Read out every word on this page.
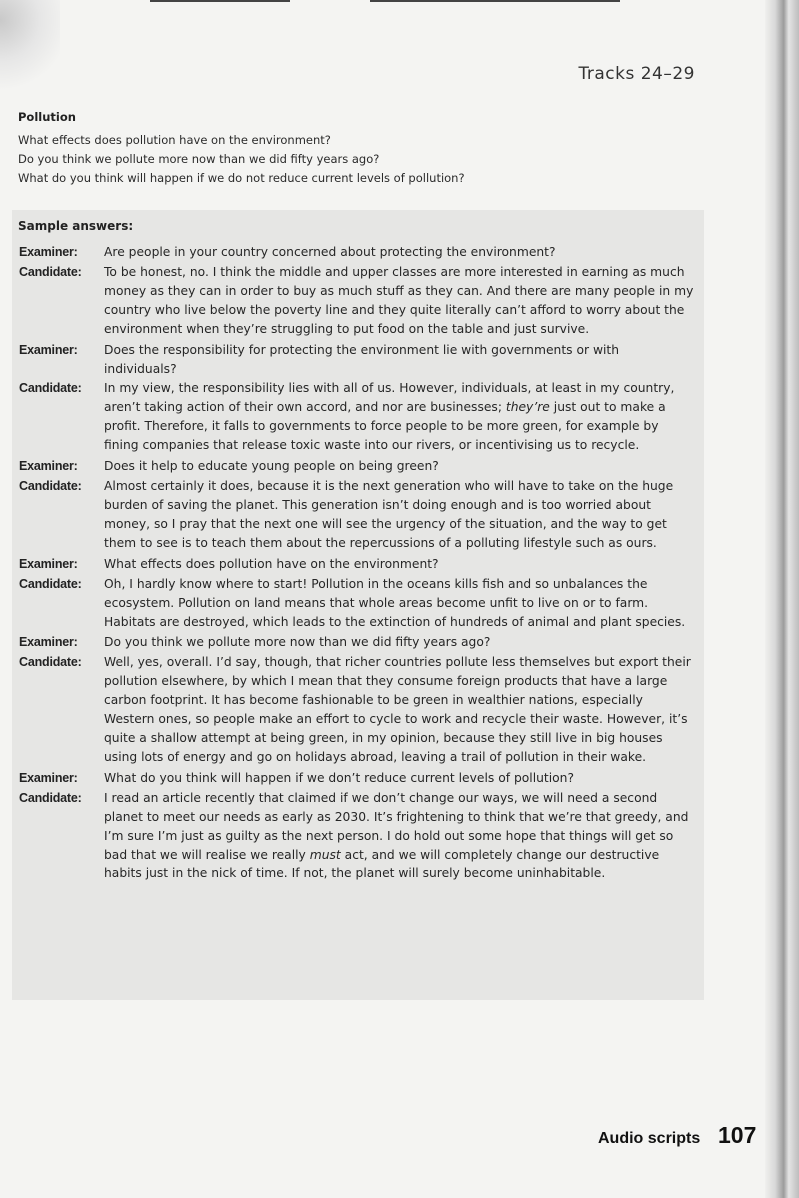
Tracks 24–29
Pollution
What effects does pollution have on the environment?
Do you think we pollute more now than we did fifty years ago?
What do you think will happen if we do not reduce current levels of pollution?
Sample answers:
Examiner:	Are people in your country concerned about protecting the environment?
Candidate:	To be honest, no. I think the middle and upper classes are more interested in earning as much money as they can in order to buy as much stuff as they can. And there are many people in my country who live below the poverty line and they quite literally can’t afford to worry about the environment when they’re struggling to put food on the table and just survive.
Examiner:	Does the responsibility for protecting the environment lie with governments or with individuals?
Candidate:	In my view, the responsibility lies with all of us. However, individuals, at least in my country, aren’t taking action of their own accord, and nor are businesses; they’re just out to make a profit. Therefore, it falls to governments to force people to be more green, for example by fining companies that release toxic waste into our rivers, or incentivising us to recycle.
Examiner:	Does it help to educate young people on being green?
Candidate:	Almost certainly it does, because it is the next generation who will have to take on the huge burden of saving the planet. This generation isn’t doing enough and is too worried about money, so I pray that the next one will see the urgency of the situation, and the way to get them to see is to teach them about the repercussions of a polluting lifestyle such as ours.
Examiner:	What effects does pollution have on the environment?
Candidate:	Oh, I hardly know where to start! Pollution in the oceans kills fish and so unbalances the ecosystem. Pollution on land means that whole areas become unfit to live on or to farm. Habitats are destroyed, which leads to the extinction of hundreds of animal and plant species.
Examiner:	Do you think we pollute more now than we did fifty years ago?
Candidate:	Well, yes, overall. I’d say, though, that richer countries pollute less themselves but export their pollution elsewhere, by which I mean that they consume foreign products that have a large carbon footprint. It has become fashionable to be green in wealthier nations, especially Western ones, so people make an effort to cycle to work and recycle their waste. However, it’s quite a shallow attempt at being green, in my opinion, because they still live in big houses using lots of energy and go on holidays abroad, leaving a trail of pollution in their wake.
Examiner:	What do you think will happen if we don’t reduce current levels of pollution?
Candidate:	I read an article recently that claimed if we don’t change our ways, we will need a second planet to meet our needs as early as 2030. It’s frightening to think that we’re that greedy, and I’m sure I’m just as guilty as the next person. I do hold out some hope that things will get so bad that we will realise we really must act, and we will completely change our destructive habits just in the nick of time. If not, the planet will surely become uninhabitable.
Audio scripts 107
